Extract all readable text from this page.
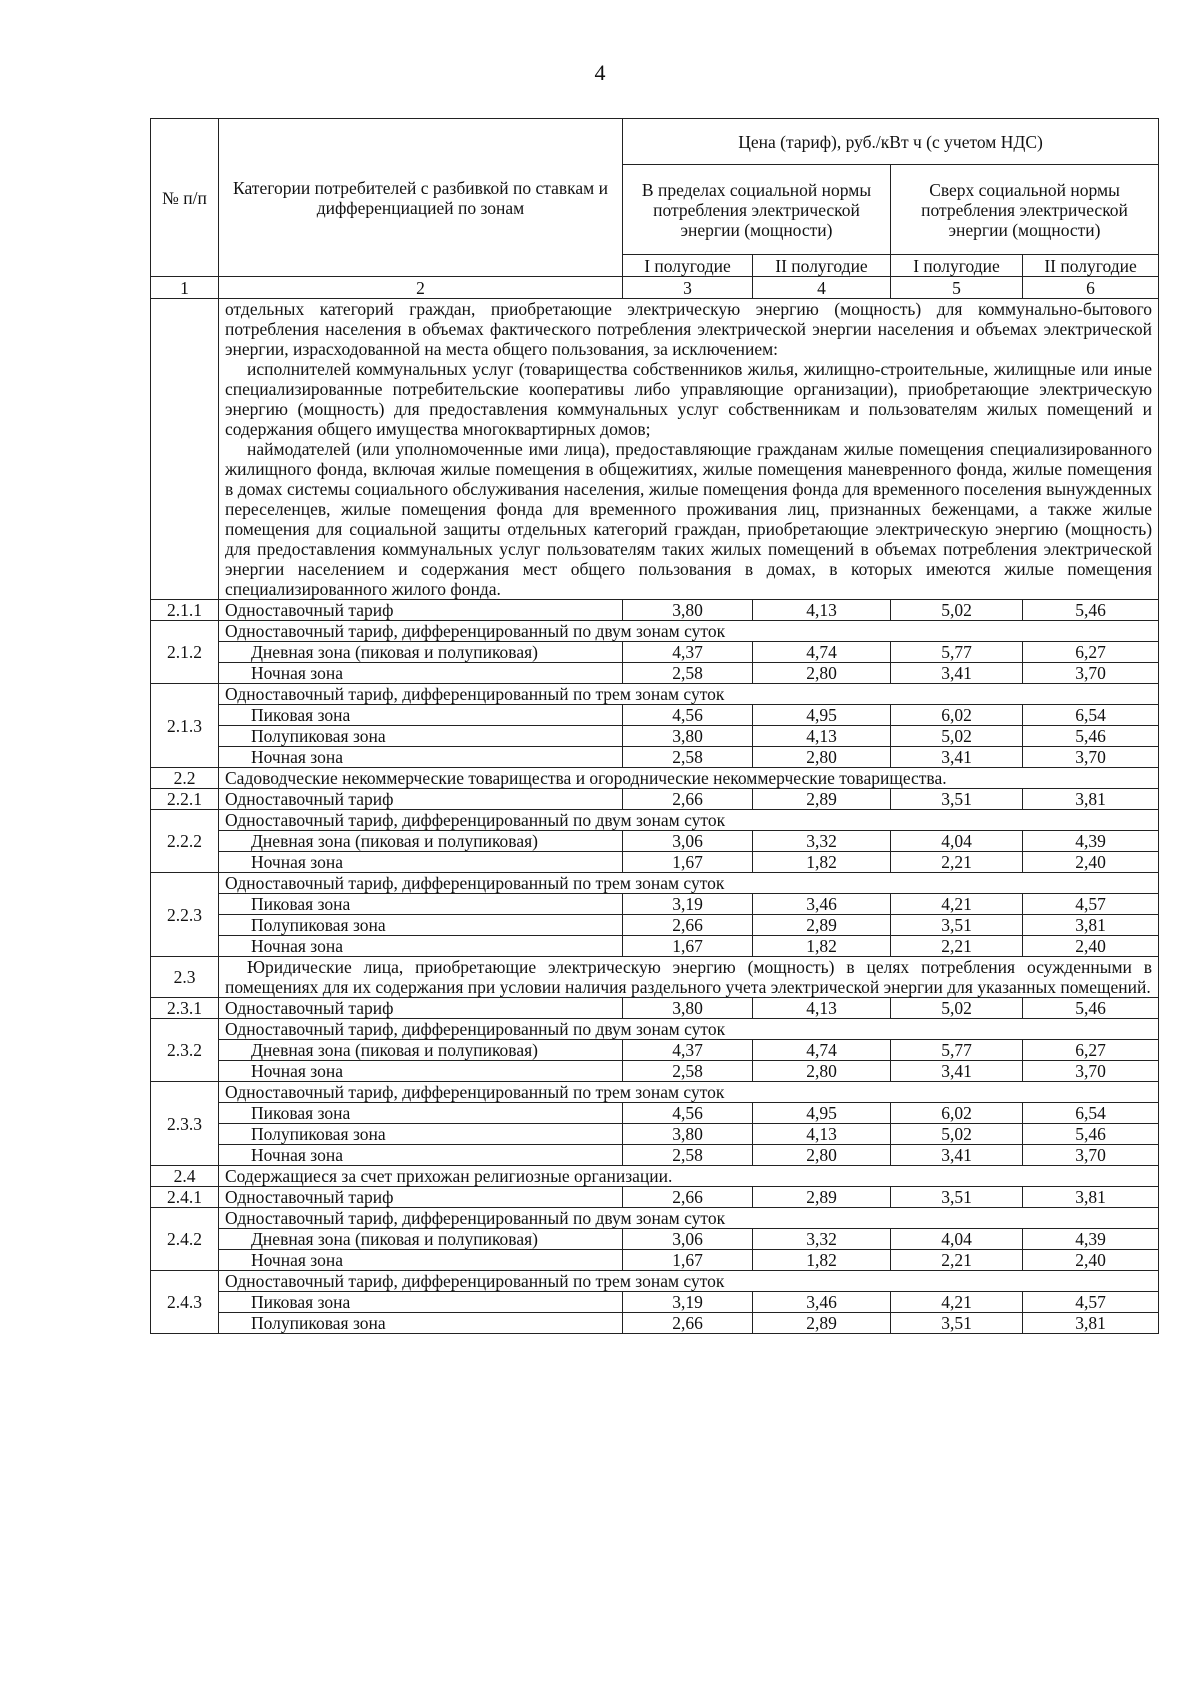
4
№ п/п	Категории потребителей с разбивкой по ставкам и дифференциацией по зонам	Цена (тариф), руб./кВт ч (с учетом НДС)			
		В пределах социальной нормы потребления электрической энергии (мощности)		Сверх социальной нормы потребления электрической энергии (мощности)	
		I полугодие	II полугодие	I полугодие	II полугодие
1	2	3	4	5	6

	отдельных категорий граждан, приобретающие электрическую энергию (мощность) для коммунально-бытового потребления населения в объемах фактического потребления электрической энергии населения и объемах электрической энергии, израсходованной на места общего пользования, за исключением:

исполнителей коммунальных услуг (товарищества собственников жилья, жилищно-строительные, жилищные или иные специализированные потребительские кооперативы либо управляющие организации), приобретающие электрическую энергию (мощность) для предоставления коммунальных услуг собственникам и пользователям жилых помещений и содержания общего имущества многоквартирных домов;

наймодателей (или уполномоченные ими лица), предоставляющие гражданам жилые помещения специализированного жилищного фонда, включая жилые помещения в общежитиях, жилые помещения маневренного фонда, жилые помещения в домах системы социального обслуживания населения, жилые помещения фонда для временного поселения вынужденных переселенцев, жилые помещения фонда для временного проживания лиц, признанных беженцами, а также жилые помещения для социальной защиты отдельных категорий граждан, приобретающие электрическую энергию (мощность) для предоставления коммунальных услуг пользователям таких жилых помещений в объемах потребления электрической энергии населением и содержания мест общего пользования в домах, в которых имеются жилые помещения специализированного жилого фонда.				

2.1.1	Одноставочный тариф	3,80	4,13	5,02	5,46
2.1.2	Одноставочный тариф, дифференцированный по двум зонам суток				
	Дневная зона (пиковая и полупиковая)	4,37	4,74	5,77	6,27
	Ночная зона	2,58	2,80	3,41	3,70
2.1.3	Одноставочный тариф, дифференцированный по трем зонам суток				
	Пиковая зона	4,56	4,95	6,02	6,54
	Полупиковая зона	3,80	4,13	5,02	5,46
	Ночная зона	2,58	2,80	3,41	3,70
2.2	Садоводческие некоммерческие товарищества и огороднические некоммерческие товарищества.				
2.2.1	Одноставочный тариф	2,66	2,89	3,51	3,81
2.2.2	Одноставочный тариф, дифференцированный по двум зонам суток				
	Дневная зона (пиковая и полупиковая)	3,06	3,32	4,04	4,39
	Ночная зона	1,67	1,82	2,21	2,40
2.2.3	Одноставочный тариф, дифференцированный по трем зонам суток				
	Пиковая зона	3,19	3,46	4,21	4,57
	Полупиковая зона	2,66	2,89	3,51	3,81
	Ночная зона	1,67	1,82	2,21	2,40
2.3	Юридические лица, приобретающие электрическую энергию (мощность) в целях потребления осужденными в помещениях для их содержания при условии наличия раздельного учета электрической энергии для указанных помещений.				

2.3.1	Одноставочный тариф	3,80	4,13	5,02	5,46
2.3.2	Одноставочный тариф, дифференцированный по двум зонам суток				
	Дневная зона (пиковая и полупиковая)	4,37	4,74	5,77	6,27
	Ночная зона	2,58	2,80	3,41	3,70
2.3.3	Одноставочный тариф, дифференцированный по трем зонам суток				
	Пиковая зона	4,56	4,95	6,02	6,54
	Полупиковая зона	3,80	4,13	5,02	5,46
	Ночная зона	2,58	2,80	3,41	3,70
2.4	Содержащиеся за счет прихожан религиозные организации.				
2.4.1	Одноставочный тариф	2,66	2,89	3,51	3,81
2.4.2	Одноставочный тариф, дифференцированный по двум зонам суток				
	Дневная зона (пиковая и полупиковая)	3,06	3,32	4,04	4,39
	Ночная зона	1,67	1,82	2,21	2,40
2.4.3	Одноставочный тариф, дифференцированный по трем зонам суток				
	Пиковая зона	3,19	3,46	4,21	4,57
	Полупиковая зона	2,66	2,89	3,51	3,81
